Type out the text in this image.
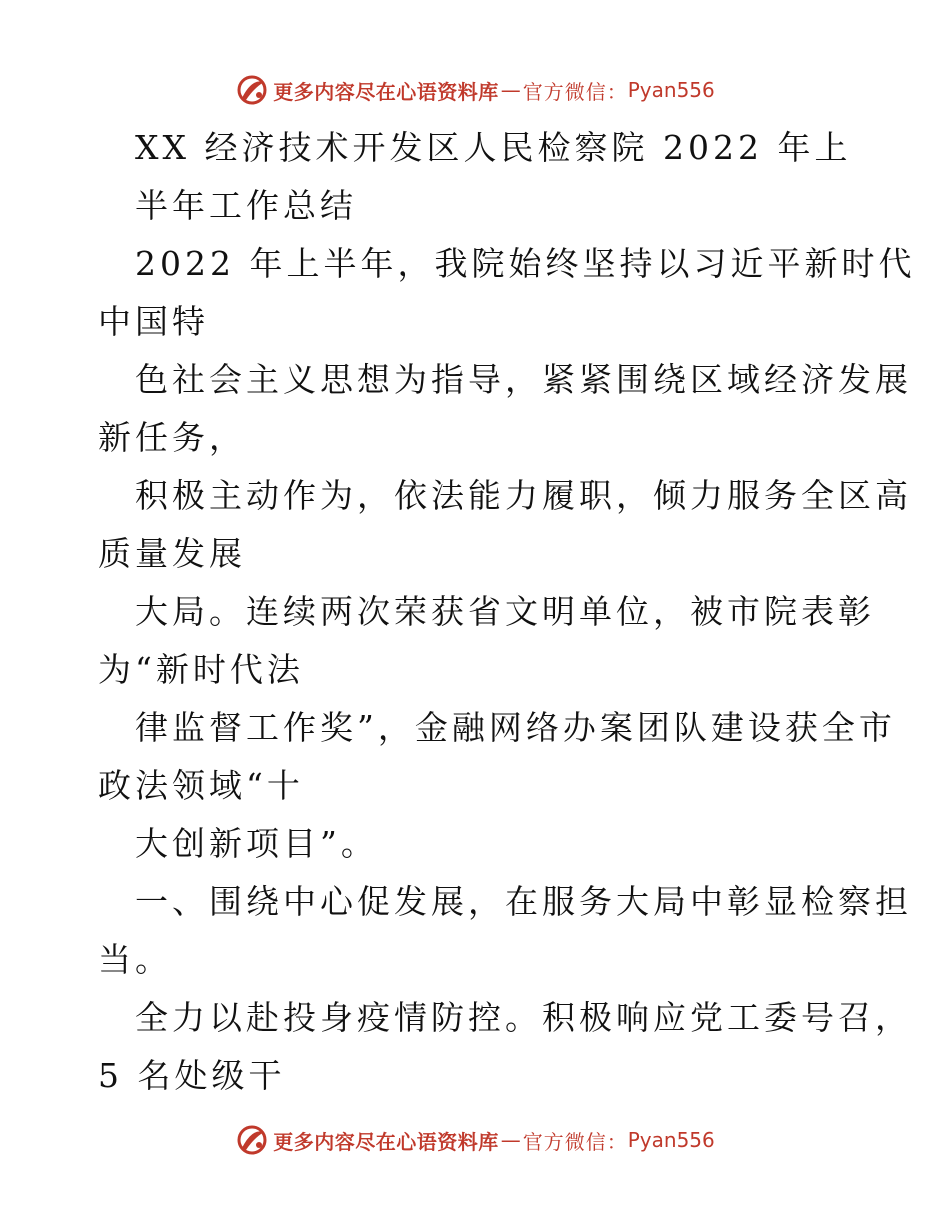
更多内容尽在心语资料库 — 官方微信： Pyan556
XX 经济技术开发区人民检察院 2022 年上
半年工作总结
2022 年上半年，我院始终坚持以习近平新时代
中国特
色社会主义思想为指导，紧紧围绕区域经济发展
新任务，
积极主动作为，依法能力履职，倾力服务全区高
质量发展
大局。连续两次荣获省文明单位，被市院表彰
为“新时代法
律监督工作奖”，金融网络办案团队建设获全市
政法领域“十
大创新项目”。
一、围绕中心促发展，在服务大局中彰显检察担
当。
全力以赴投身疫情防控。积极响应党工委号召，
5 名处级干
更多内容尽在心语资料库 — 官方微信： Pyan556
